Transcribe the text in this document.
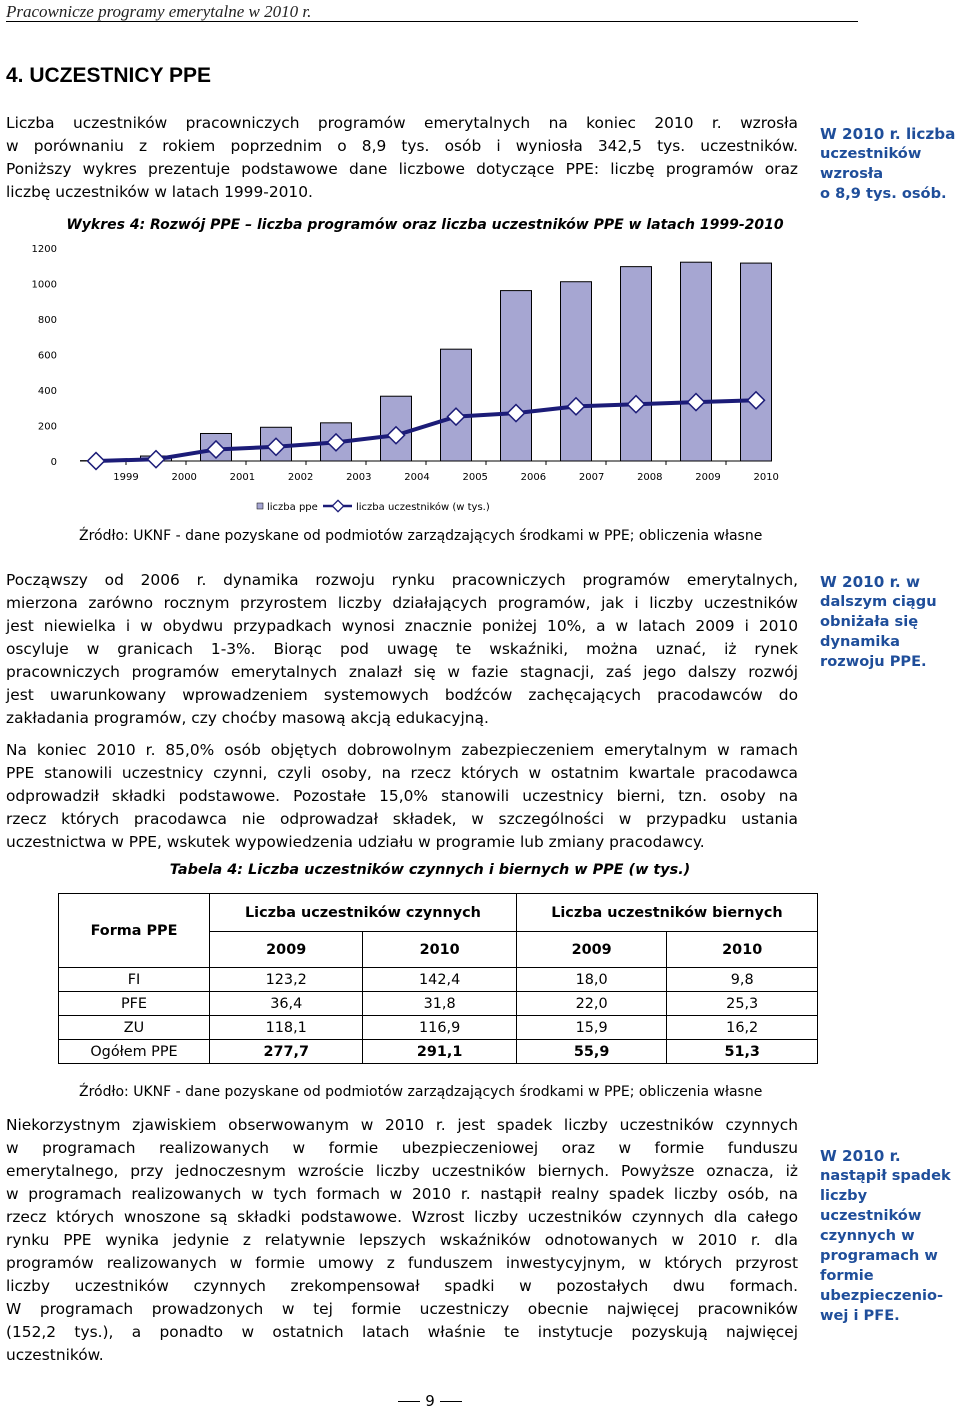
Pracownicze programy emerytalne w 2010 r.
4. UCZESTNICY PPE
Liczba uczestników pracowniczych programów emerytalnych na koniec 2010 r. wzrosła
w porównaniu z rokiem poprzednim o 8,9 tys. osób i wyniosła 342,5 tys. uczestników.
Poniższy wykres prezentuje podstawowe dane liczbowe dotyczące PPE: liczbę programów oraz
liczbę uczestników w latach 1999-2010.
W 2010 r. liczba
uczestników
wzrosła
o 8,9 tys. osób.
Wykres 4: Rozwój PPE – liczba programów oraz liczba uczestników PPE w latach 1999-2010
0
200
400
600
800
1000
1200
1999	2000	2001	2002	2003	2004	2005	2006	2007	2008	2009	2010
liczba ppe	liczba uczestników (w tys.)
Źródło: UKNF - dane pozyskane od podmiotów zarządzających środkami w PPE; obliczenia własne
Począwszy od 2006 r. dynamika rozwoju rynku pracowniczych programów emerytalnych,
mierzona zarówno rocznym przyrostem liczby działających programów, jak i liczby uczestników
jest niewielka i w obydwu przypadkach wynosi znacznie poniżej 10%, a w latach 2009 i 2010
oscyluje w granicach 1-3%. Biorąc pod uwagę te wskaźniki, można uznać, iż rynek
pracowniczych programów emerytalnych znalazł się w fazie stagnacji, zaś jego dalszy rozwój
jest uwarunkowany wprowadzeniem systemowych bodźców zachęcających pracodawców do
zakładania programów, czy choćby masową akcją edukacyjną.
W 2010 r. w
dalszym ciągu
obniżała się
dynamika
rozwoju PPE.
Na koniec 2010 r. 85,0% osób objętych dobrowolnym zabezpieczeniem emerytalnym w ramach
PPE stanowili uczestnicy czynni, czyli osoby, na rzecz których w ostatnim kwartale pracodawca
odprowadził składki podstawowe. Pozostałe 15,0% stanowili uczestnicy bierni, tzn. osoby na
rzecz których pracodawca nie odprowadzał składek, w szczególności w przypadku ustania
uczestnictwa w PPE, wskutek wypowiedzenia udziału w programie lub zmiany pracodawcy.
Tabela 4: Liczba uczestników czynnych i biernych w PPE (w tys.)
Forma PPE	Liczba uczestników czynnych		Liczba uczestników biernych	
	2009	2010	2009	2010
FI	123,2	142,4	18,0	9,8
PFE	36,4	31,8	22,0	25,3
ZU	118,1	116,9	15,9	16,2
Ogółem PPE	277,7	291,1	55,9	51,3
Źródło: UKNF - dane pozyskane od podmiotów zarządzających środkami w PPE; obliczenia własne
Niekorzystnym zjawiskiem obserwowanym w 2010 r. jest spadek liczby uczestników czynnych
w programach realizowanych w formie ubezpieczeniowej oraz w formie funduszu
emerytalnego, przy jednoczesnym wzroście liczby uczestników biernych. Powyższe oznacza, iż
w programach realizowanych w tych formach w 2010 r. nastąpił realny spadek liczby osób, na
rzecz których wnoszone są składki podstawowe. Wzrost liczby uczestników czynnych dla całego
rynku PPE wynika jedynie z relatywnie lepszych wskaźników odnotowanych w 2010 r. dla
programów realizowanych w formie umowy z funduszem inwestycyjnym, w których przyrost
liczby uczestników czynnych zrekompensował spadki w pozostałych dwu formach.
W programach prowadzonych w tej formie uczestniczy obecnie najwięcej pracowników
(152,2 tys.), a ponadto w ostatnich latach właśnie te instytucje pozyskują najwięcej
uczestników.
W 2010 r.
nastąpił spadek
liczby
uczestników
czynnych w
programach w
formie
ubezpieczenio-
wej i PFE.
9
